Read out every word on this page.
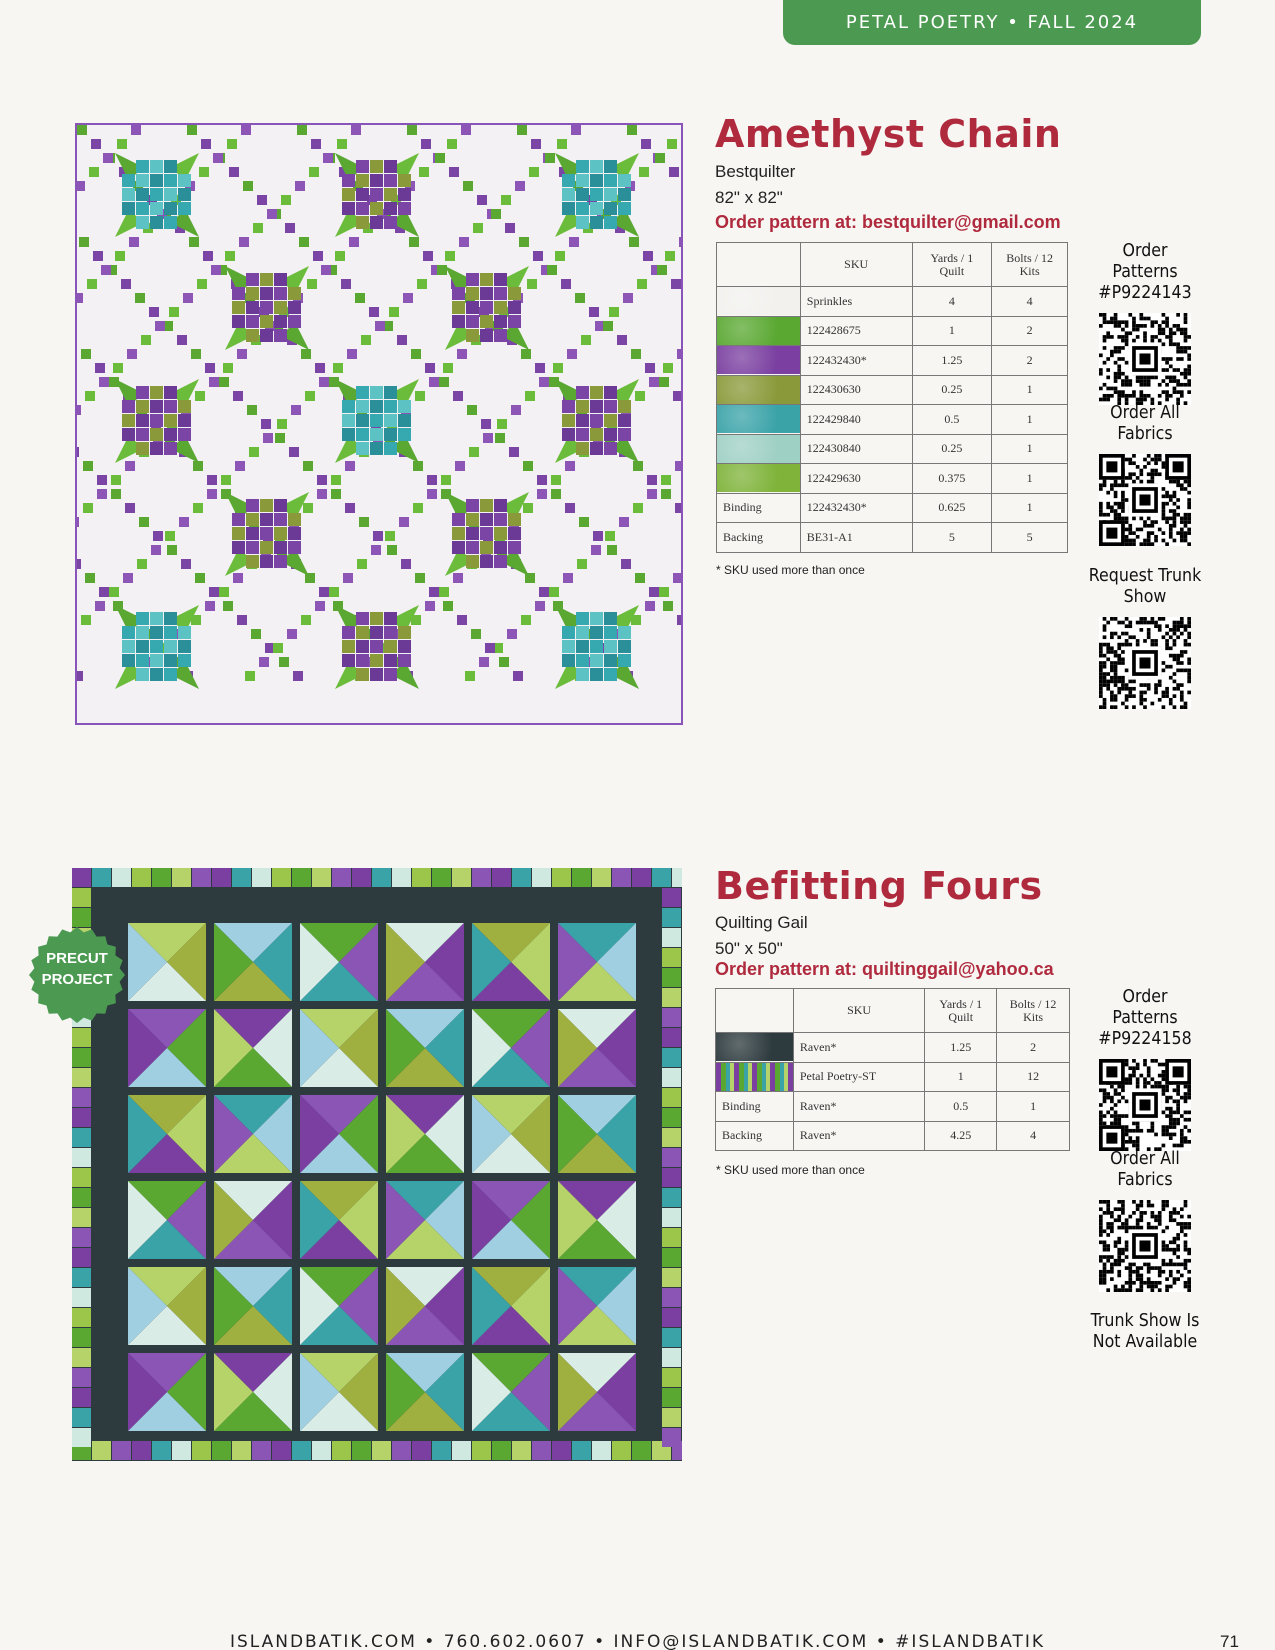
PETAL POETRY • FALL 2024
Amethyst Chain
Bestquilter
82" x 82"
Order pattern at: bestquilter@gmail.com
	SKU	Yards / 1 Quilt	Bolts / 12 Kits

	Sprinkles	4	4

	122428675	1	2

	122432430*	1.25	2

	122430630	0.25	1

	122429840	0.5	1

	122430840	0.25	1

	122429630	0.375	1
Binding	122432430*	0.625	1
Backing	BE31-A1	5	5
* SKU used more than once
Order Patterns #P9224143
Order All Fabrics
Request Trunk Show
PRECUT
PROJECT
Befitting Fours
Quilting Gail
50" x 50"
Order pattern at: quiltinggail@yahoo.ca
	SKU	Yards / 1 Quilt	Bolts / 12 Kits

	Raven*	1.25	2

	Petal Poetry-ST	1	12
Binding	Raven*	0.5	1
Backing	Raven*	4.25	4
* SKU used more than once
Order Patterns #P9224158
Order All Fabrics
Trunk Show Is Not Available
ISLANDBATIK.COM • 760.602.0607 • INFO@ISLANDBATIK.COM • #ISLANDBATIK	71
